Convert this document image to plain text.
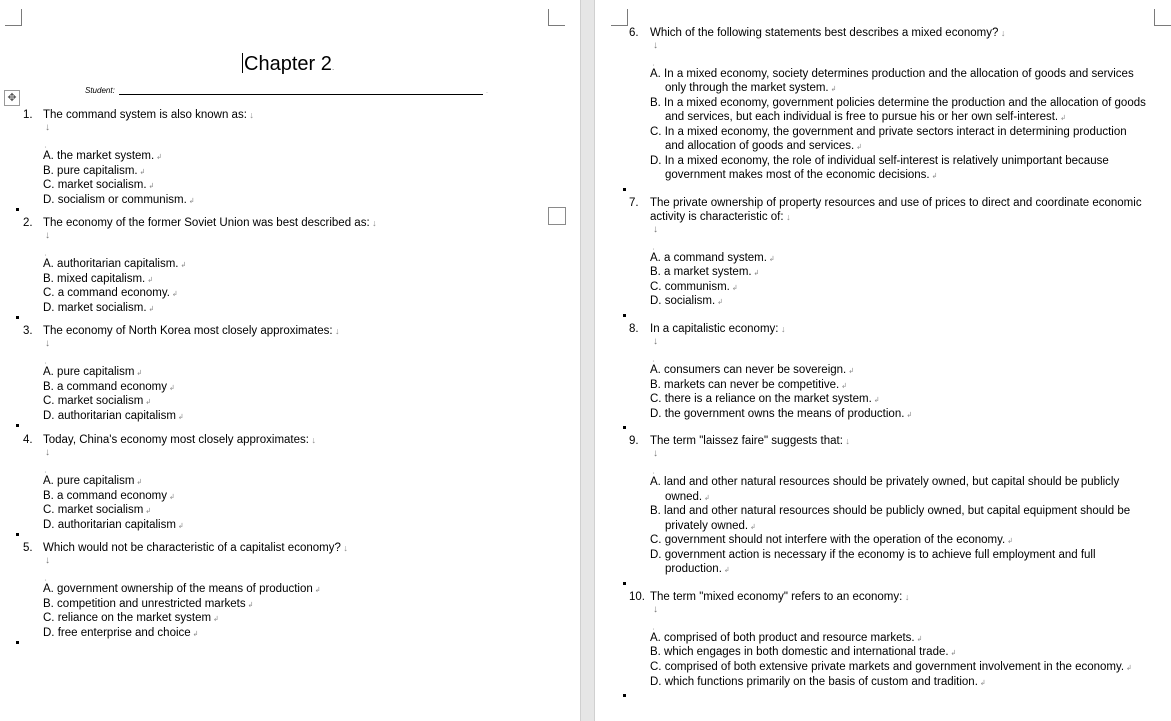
Chapter 2.
✥
Student:	.
1. The command system is also known as: ↓
↓
⸼
A. the market system. ↲
B. pure capitalism. ↲
C. market socialism. ↲
D. socialism or communism. ↲
2. The economy of the former Soviet Union was best described as: ↓
↓
⸼
A. authoritarian capitalism. ↲
B. mixed capitalism. ↲
C. a command economy. ↲
D. market socialism. ↲
3. The economy of North Korea most closely approximates: ↓
↓
⸼
A. pure capitalism ↲
B. a command economy ↲
C. market socialism ↲
D. authoritarian capitalism ↲
4. Today, China's economy most closely approximates: ↓
↓
⸼
A. pure capitalism ↲
B. a command economy ↲
C. market socialism ↲
D. authoritarian capitalism ↲
5. Which would not be characteristic of a capitalist economy? ↓
↓
⸼
A. government ownership of the means of production ↲
B. competition and unrestricted markets ↲
C. reliance on the market system ↲
D. free enterprise and choice ↲
6. Which of the following statements best describes a mixed economy? ↓
↓
⸼
A. In a mixed economy, society determines production and the allocation of goods and services
only through the market system. ↲
B. In a mixed economy, government policies determine the production and the allocation of goods
and services, but each individual is free to pursue his or her own self-interest. ↲
C. In a mixed economy, the government and private sectors interact in determining production
and allocation of goods and services. ↲
D. In a mixed economy, the role of individual self-interest is relatively unimportant because
government makes most of the economic decisions. ↲
7. The private ownership of property resources and use of prices to direct and coordinate economic
activity is characteristic of: ↓
↓
⸼
A. a command system. ↲
B. a market system. ↲
C. communism. ↲
D. socialism. ↲
8. In a capitalistic economy: ↓
↓
⸼
A. consumers can never be sovereign. ↲
B. markets can never be competitive. ↲
C. there is a reliance on the market system. ↲
D. the government owns the means of production. ↲
9. The term "laissez faire" suggests that: ↓
↓
⸼
A. land and other natural resources should be privately owned, but capital should be publicly
owned. ↲
B. land and other natural resources should be publicly owned, but capital equipment should be
privately owned. ↲
C. government should not interfere with the operation of the economy. ↲
D. government action is necessary if the economy is to achieve full employment and full
production. ↲
10. The term "mixed economy" refers to an economy: ↓
↓
⸼
A. comprised of both product and resource markets. ↲
B. which engages in both domestic and international trade. ↲
C. comprised of both extensive private markets and government involvement in the economy. ↲
D. which functions primarily on the basis of custom and tradition. ↲
